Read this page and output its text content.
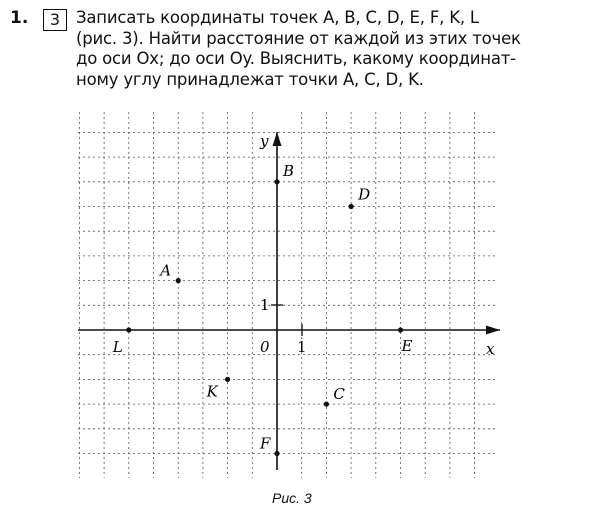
1.	3 Записать координаты точек A, B, C, D, E, F, K, L
(рис. 3). Найти расстояние от каждой из этих точек
до оси Ox; до оси Oy. Выяснить, какому координат-
ному углу принадлежат точки A, C, D, K.
x
y
0 1
1
A
B
C
D
E
F
K
L
Рис. 3
